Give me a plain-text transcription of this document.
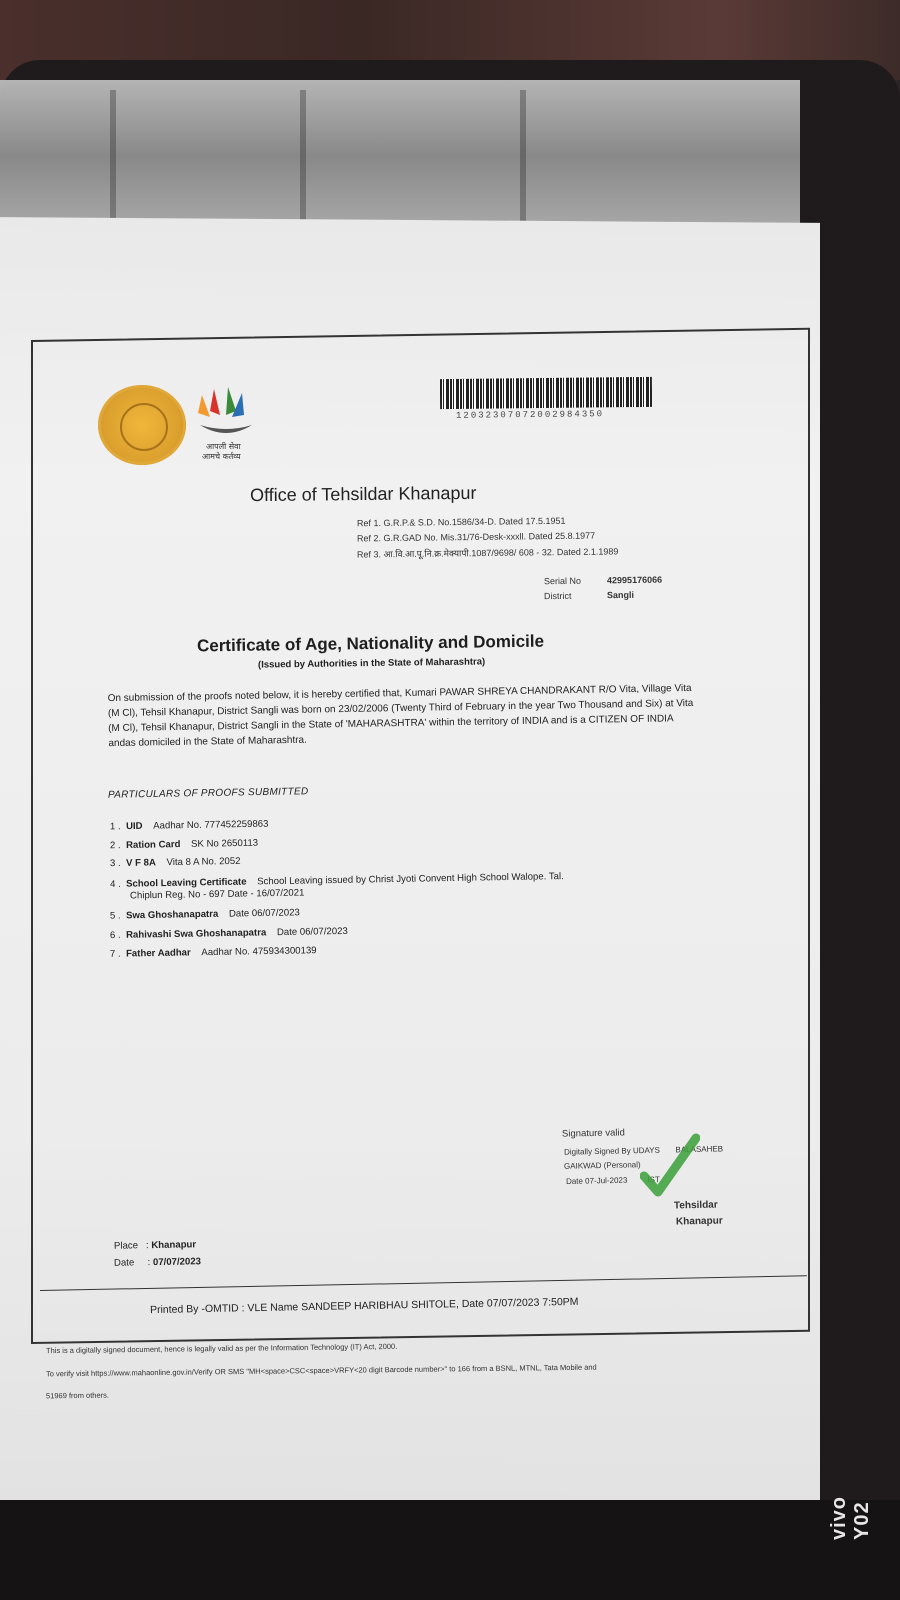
आपली सेवा
आमचे कर्तव्य
12032307072002984350
Office of Tehsildar Khanapur
Ref 1. G.R.P.& S.D. No.1586/34-D. Dated 17.5.1951
Ref 2. G.R.GAD No. Mis.31/76-Desk-xxxll. Dated 25.8.1977
Ref 3. आ.वि.आ.पू.नि.क्र.मेक्यापी.1087/9698/ 608 - 32. Dated 2.1.1989
Serial No	42995176066
District	Sangli
Certificate of Age, Nationality and Domicile
(Issued by Authorities in the State of Maharashtra)
On submission of the proofs noted below, it is hereby certified that, Kumari PAWAR SHREYA CHANDRAKANT R/O Vita, Village Vita (M Cl), Tehsil Khanapur, District Sangli was born on 23/02/2006 (Twenty Third of February in the year Two Thousand and Six) at Vita (M Cl), Tehsil Khanapur, District Sangli in the State of 'MAHARASHTRA' within the territory of INDIA and is a CITIZEN OF INDIA andas domiciled in the State of Maharashtra.
PARTICULARS OF PROOFS SUBMITTED
1 . UID Aadhar No. 777452259863
2 . Ration Card SK No 2650113
3 . V F 8A Vita 8 A No. 2052
4 . School Leaving Certificate School Leaving issued by Christ Jyoti Convent High School Walope. Tal.
Chiplun Reg. No - 697 Date - 16/07/2021
5 . Swa Ghoshanapatra Date 06/07/2023
6 . Rahivashi Swa Ghoshanapatra Date 06/07/2023
7 . Father Aadhar Aadhar No. 475934300139
Signature valid
Digitally Signed By UDAYS BALASAHEB
GAIKWAD (Personal)
Date 07-Jul-2023 IST
Tehsildar
Khanapur
Place   : Khanapur
Date     : 07/07/2023
Printed By -OMTID : VLE Name SANDEEP HARIBHAU SHITOLE, Date 07/07/2023 7:50PM
This is a digitally signed document, hence is legally valid as per the Information Technology (IT) Act, 2000.
To verify visit https://www.mahaonline.gov.in/Verify OR SMS "MH<space>CSC<space>VRFY<20 digit Barcode number>" to 166 from a BSNL, MTNL, Tata Mobile and
51969 from others.
vivo Y02
